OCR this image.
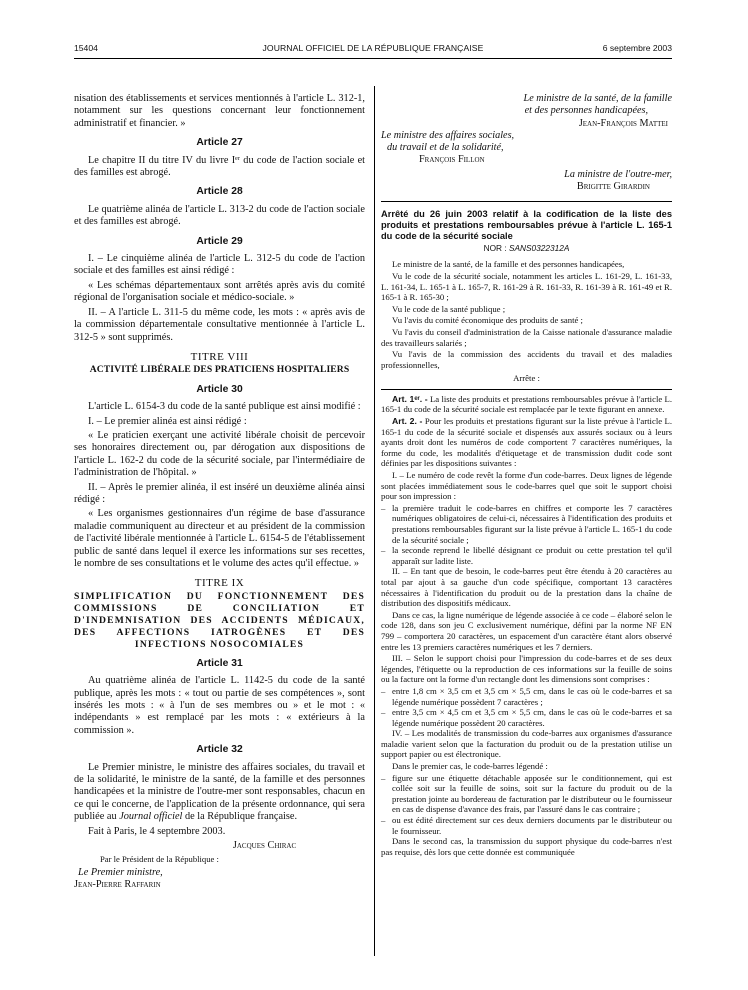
15404	JOURNAL OFFICIEL DE LA RÉPUBLIQUE FRANÇAISE	6 septembre 2003

nisation des établissements et services mentionnés à l'article L. 312-1, notamment sur les questions concernant leur fonctionnement administratif et financier. »

Article 27

Le chapitre II du titre IV du livre Iᵉʳ du code de l'action sociale et des familles est abrogé.

Article 28

Le quatrième alinéa de l'article L. 313-2 du code de l'action sociale et des familles est abrogé.

Article 29

I. – Le cinquième alinéa de l'article L. 312-5 du code de l'action sociale et des familles est ainsi rédigé :

« Les schémas départementaux sont arrêtés après avis du comité régional de l'organisation sociale et médico-sociale. »

II. – A l'article L. 311-5 du même code, les mots : « après avis de la commission départementale consultative mentionnée à l'article L. 312-5 » sont supprimés.

TITRE VIII
ACTIVITÉ LIBÉRALE DES PRATICIENS HOSPITALIERS
Article 30

L'article L. 6154-3 du code de la santé publique est ainsi modifié :

I. – Le premier alinéa est ainsi rédigé :

« Le praticien exerçant une activité libérale choisit de percevoir ses honoraires directement ou, par dérogation aux dispositions de l'article L. 162-2 du code de la sécurité sociale, par l'intermédiaire de l'administration de l'hôpital. »

II. – Après le premier alinéa, il est inséré un deuxième alinéa ainsi rédigé :

« Les organismes gestionnaires d'un régime de base d'assurance maladie communiquent au directeur et au président de la commission de l'activité libérale mentionnée à l'article L. 6154-5 de l'établissement public de santé dans lequel il exerce les informations sur ses recettes, le nombre de ses consultations et le volume des actes qu'il effectue. »

TITRE IX
SIMPLIFICATION DU FONCTIONNEMENT DES COMMISSIONS DE CONCILIATION ET D'INDEMNISATION DES ACCIDENTS MÉDICAUX, DES AFFECTIONS IATROGÈNES ET DES INFECTIONS NOSOCOMIALES
Article 31

Au quatrième alinéa de l'article L. 1142-5 du code de la santé publique, après les mots : « tout ou partie de ses compétences », sont insérés les mots : « à l'un de ses membres ou » et le mot : « indépendants » est remplacé par les mots : « extérieurs à la commission ».

Article 32

Le Premier ministre, le ministre des affaires sociales, du travail et de la solidarité, le ministre de la santé, de la famille et des personnes handicapées et la ministre de l'outre-mer sont responsables, chacun en ce qui le concerne, de l'application de la présente ordonnance, qui sera publiée au Journal officiel de la République française.

Fait à Paris, le 4 septembre 2003.

Jacques Chirac
Par le Président de la République :
Le Premier ministre,
Jean-Pierre Raffarin
Le ministre de la santé, de la famille
et des personnes handicapées,
Jean-François Mattei
Le ministre des affaires sociales,
du travail et de la solidarité,
François Fillon
La ministre de l'outre-mer,
Brigitte Girardin

Arrêté du 26 juin 2003 relatif à la codification de la liste des produits et prestations remboursables prévue à l'article L. 165-1 du code de la sécurité sociale

NOR : SANS0322312A

Le ministre de la santé, de la famille et des personnes handicapées,

Vu le code de la sécurité sociale, notamment les articles L. 161-29, L. 161-33, L. 161-34, L. 165-1 à L. 165-7, R. 161-29 à R. 161-33, R. 161-39 à R. 161-49 et R. 165-1 à R. 165-30 ;

Vu le code de la santé publique ;

Vu l'avis du comité économique des produits de santé ;

Vu l'avis du conseil d'administration de la Caisse nationale d'assurance maladie des travailleurs salariés ;

Vu l'avis de la commission des accidents du travail et des maladies professionnelles,

Arrête :

Art. 1ᵉʳ. - La liste des produits et prestations remboursables prévue à l'article L. 165-1 du code de la sécurité sociale est remplacée par le texte figurant en annexe.

Art. 2. - Pour les produits et prestations figurant sur la liste prévue à l'article L. 165-1 du code de la sécurité sociale et dispensés aux assurés sociaux ou à leurs ayants droit dont les numéros de code comportent 7 caractères numériques, la forme du code, les modalités d'étiquetage et de transmission dudit code sont définies par les dispositions suivantes :

I. – Le numéro de code revêt la forme d'un code-barres. Deux lignes de légende sont placées immédiatement sous le code-barres quel que soit le support choisi pour son impression :

– la première traduit le code-barres en chiffres et comporte les 7 caractères numériques obligatoires de celui-ci, nécessaires à l'identification des produits et prestations remboursables figurant sur la liste prévue à l'article L. 165-1 du code de la sécurité sociale ;
– la seconde reprend le libellé désignant ce produit ou cette prestation tel qu'il apparaît sur ladite liste.

II. – En tant que de besoin, le code-barres peut être étendu à 20 caractères au total par ajout à sa gauche d'un code spécifique, comportant 13 caractères nécessaires à l'identification du produit ou de la prestation dans la chaîne de distribution des dispositifs médicaux.

Dans ce cas, la ligne numérique de légende associée à ce code – élaboré selon le code 128, dans son jeu C exclusivement numérique, défini par la norme NF EN 799 – comportera 20 caractères, un espacement d'un caractère étant alors observé entre les 13 premiers caractères numériques et les 7 derniers.

III. – Selon le support choisi pour l'impression du code-barres et de ses deux légendes, l'étiquette ou la reproduction de ces informations sur la feuille de soins ou la facture ont la forme d'un rectangle dont les dimensions sont comprises :

– entre 1,8 cm × 3,5 cm et 3,5 cm × 5,5 cm, dans le cas où le code-barres et sa légende numérique possèdent 7 caractères ;
– entre 3,5 cm × 4,5 cm et 3,5 cm × 5,5 cm, dans le cas où le code-barres et sa légende numérique possèdent 20 caractères.

IV. – Les modalités de transmission du code-barres aux organismes d'assurance maladie varient selon que la facturation du produit ou de la prestation utilise un support papier ou est électronique.

Dans le premier cas, le code-barres légendé :

– figure sur une étiquette détachable apposée sur le conditionnement, qui est collée soit sur la feuille de soins, soit sur la facture du produit ou de la prestation jointe au bordereau de facturation par le distributeur ou le fournisseur en cas de dispense d'avance des frais, par l'assuré dans le cas contraire ;
– ou est édité directement sur ces deux derniers documents par le distributeur ou le fournisseur.

Dans le second cas, la transmission du support physique du code-barres n'est pas requise, dès lors que cette donnée est communiquée
